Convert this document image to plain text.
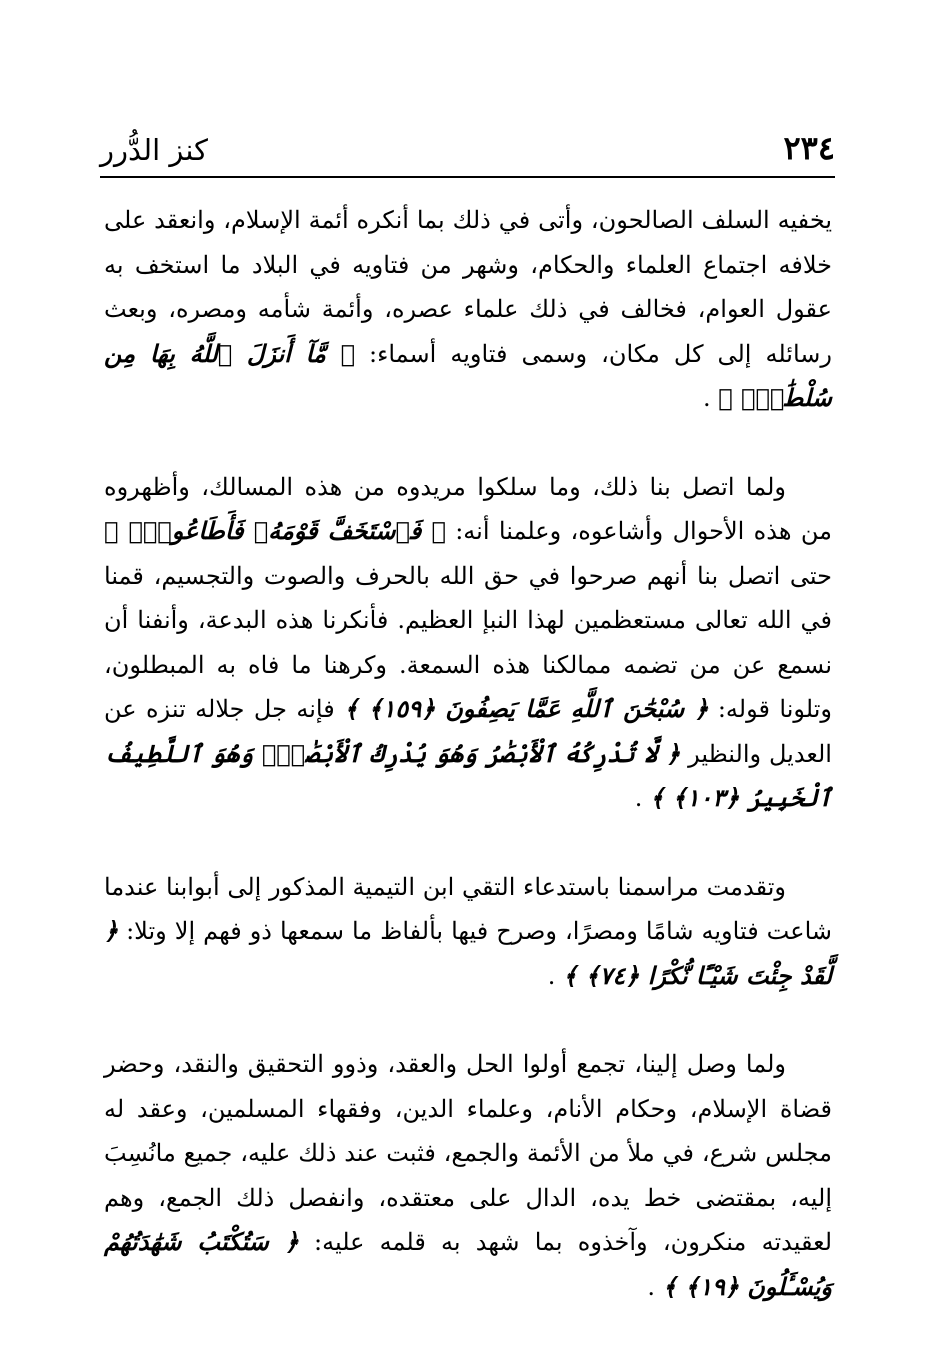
٢٣٤
كنز الدُّرر

يخفيه السلف الصالحون، وأتى في ذلك بما أنكره أئمة الإسلام، وانعقد على خلافه اجتماع العلماء والحكام، وشهر من فتاويه في البلاد ما استخف به عقول العوام، فخالف في ذلك علماء عصره، وأئمة شأمه ومصره، وبعث رسائله إلى كل مكان، وسمى فتاويه أسماء: ﴿ مَّآ أَنزَلَ ٱللَّهُ بِهَا مِن سُلْطَٰنٍۚ ﴾ .

ولما اتصل بنا ذلك، وما سلكوا مريدوه من هذه المسالك، وأظهروه من هذه الأحوال وأشاعوه، وعلمنا أنه: ﴿ فَٱسْتَخَفَّ قَوْمَهُۥ فَأَطَاعُوهُۚ ﴾ حتى اتصل بنا أنهم صرحوا في حق الله بالحرف والصوت والتجسيم، قمنا في الله تعالى مستعظمين لهذا النبإ العظيم. فأنكرنا هذه البدعة، وأنفنا أن نسمع عن من تضمه ممالكنا هذه السمعة. وكرهنا ما فاه به المبطلون، وتلونا قوله: ﴿ سُبْحَٰنَ ٱللَّهِ عَمَّا يَصِفُونَ ﴿١٥٩﴾ ﴾ فإنه جل جلاله تنزه عن العديل والنظير ﴿ لَّا تُدْرِكُهُ ٱلْأَبْصَٰرُ وَهُوَ يُدْرِكُ ٱلْأَبْصَٰرَۖ وَهُوَ ٱللَّطِيفُ ٱلْخَبِيرُ ﴿١٠٣﴾ ﴾ .

وتقدمت مراسمنا باستدعاء التقي ابن التيمية المذكور إلى أبوابنا عندما شاعت فتاويه شامًا ومصرًا، وصرح فيها بألفاظ ما سمعها ذو فهم إلا وتلا: ﴿ لَّقَدْ جِئْتَ شَيْـًٔا نُّكْرًا ﴿٧٤﴾ ﴾ .

ولما وصل إلينا، تجمع أولوا الحل والعقد، وذوو التحقيق والنقد، وحضر قضاة الإسلام، وحكام الأنام، وعلماء الدين، وفقهاء المسلمين، وعقد له مجلس شرع، في ملأ من الأئمة والجمع، فثبت عند ذلك عليه، جميع مانُسِبَ إليه، بمقتضى خط يده، الدال على معتقده، وانفصل ذلك الجمع، وهم لعقيدته منكرون، وآخذوه بما شهد به قلمه عليه: ﴿ سَتُكْتَبُ شَهَٰدَتُهُمْ وَيُسْـَٔلُونَ ﴿١٩﴾ ﴾ .
